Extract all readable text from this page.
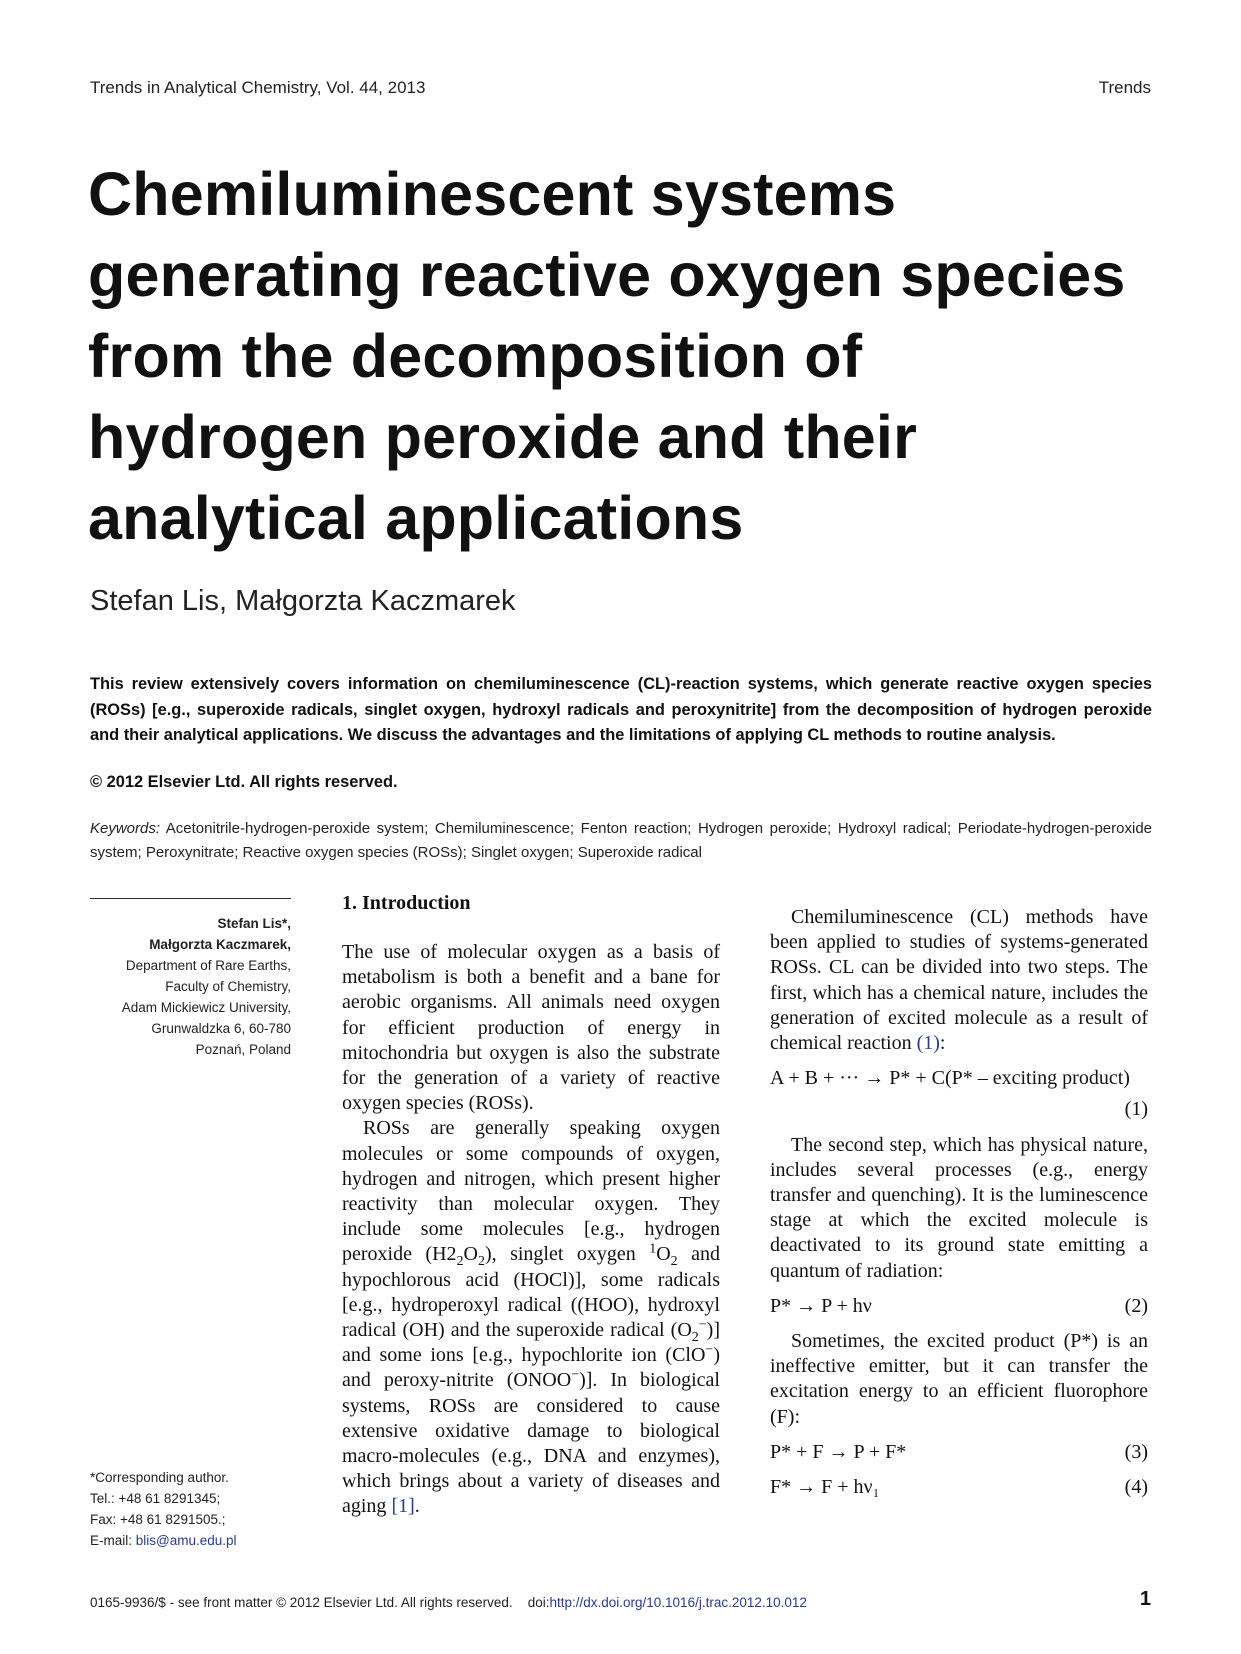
Trends in Analytical Chemistry, Vol. 44, 2013	Trends
Chemiluminescent systems
generating reactive oxygen species
from the decomposition of
hydrogen peroxide and their
analytical applications
Stefan Lis, Małgorzta Kaczmarek

This review extensively covers information on chemiluminescence (CL)-reaction systems, which generate reactive oxygen species (ROSs) [e.g., superoxide radicals, singlet oxygen, hydroxyl radicals and peroxynitrite] from the decomposition of hydrogen peroxide and their analytical applications. We discuss the advantages and the limitations of applying CL methods to routine analysis.

© 2012 Elsevier Ltd. All rights reserved.

Keywords: Acetonitrile-hydrogen-peroxide system; Chemiluminescence; Fenton reaction; Hydrogen peroxide; Hydroxyl radical; Periodate-hydrogen-peroxide system; Peroxynitrate; Reactive oxygen species (ROSs); Singlet oxygen; Superoxide radical

Stefan Lis*,
Małgorzta Kaczmarek,
Department of Rare Earths,
Faculty of Chemistry,
Adam Mickiewicz University,
Grunwaldzka 6, 60-780
Poznań, Poland
*Corresponding author.
Tel.: +48 61 8291345;
Fax: +48 61 8291505.;
E-mail: blis@amu.edu.pl
1. Introduction

The use of molecular oxygen as a basis of metabolism is both a benefit and a bane for aerobic organisms. All animals need oxygen for efficient production of energy in mitochondria but oxygen is also the substrate for the generation of a variety of reactive oxygen species (ROSs).

ROSs are generally speaking oxygen molecules or some compounds of oxygen, hydrogen and nitrogen, which present higher reactivity than molecular oxygen. They include some molecules [e.g., hydrogen peroxide $(H2_2O_2)$, singlet oxygen $^1O_2$ and hypochlorous acid (HOCl)], some radicals [e.g., hydroperoxyl radical ((HOO), hydroxyl radical (OH) and the superoxide radical $(O_2^-)$] and some ions [e.g., hypochlorite ion (ClO−) and peroxy-nitrite (ONOO−)]. In biological systems, ROSs are considered to cause extensive oxidative damage to biological macro-molecules (e.g., DNA and enzymes), which brings about a variety of diseases and aging [1].

Chemiluminescence (CL) methods have been applied to studies of systems-generated ROSs. CL can be divided into two steps. The first, which has a chemical nature, includes the generation of excited molecule as a result of chemical reaction (1):

A + B + ··· → P* + C(P* – exciting product)
(1)

The second step, which has physical nature, includes several processes (e.g., energy transfer and quenching). It is the luminescence stage at which the excited molecule is deactivated to its ground state emitting a quantum of radiation:

P* → P + hν	(2)

Sometimes, the excited product (P*) is an ineffective emitter, but it can transfer the excitation energy to an efficient fluorophore (F):

P* + F → P + F*	(3)
F* → F + hν₁	(4)
0165-9936/$ - see front matter © 2012 Elsevier Ltd. All rights reserved. doi:http://dx.doi.org/10.1016/j.trac.2012.10.012	1
